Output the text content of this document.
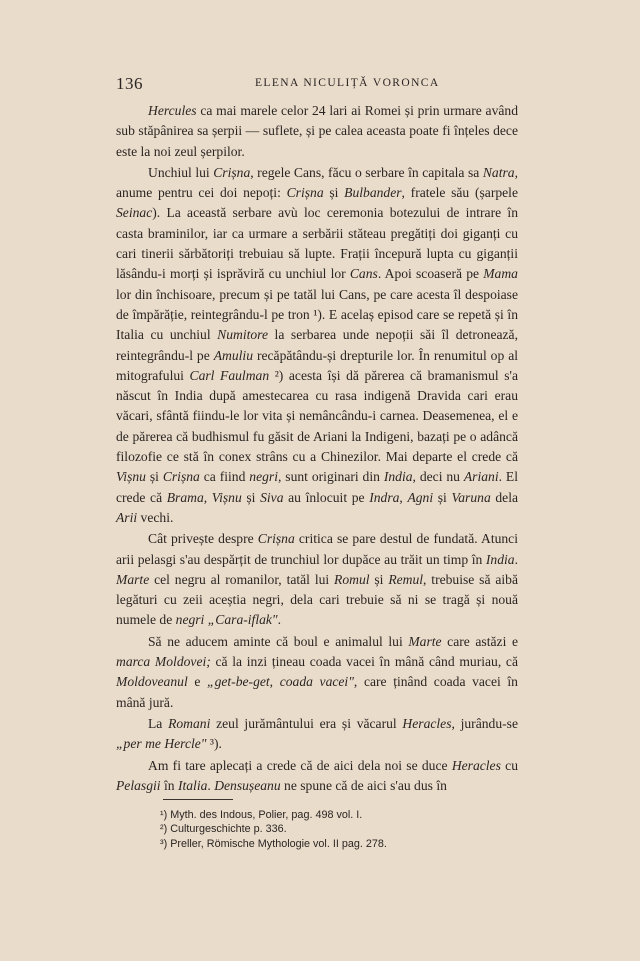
136	ELENA NICULIȚĂ VORONCA

Hercules ca mai marele celor 24 lari ai Romei și prin urmare având sub stăpânirea sa șerpii — suflete, și pe calea aceasta poate fi înțeles dece este la noi zeul șerpilor.

Unchiul lui Crișna, regele Cans, făcu o serbare în capitala sa Natra, anume pentru cei doi nepoți: Crișna și Bulbander, fratele său (șarpele Seinac). La această serbare avù loc ceremonia botezului de intrare în casta braminilor, iar ca urmare a serbării stăteau pregătiți doi giganți cu cari tinerii sărbătoriți trebuiau să lupte. Frații începură lupta cu giganții lăsându-i morți și isprăviră cu unchiul lor Cans. Apoi scoaseră pe Mama lor din închisoare, precum și pe tatăl lui Cans, pe care acesta îl despoiase de împărăție, reintegrându-l pe tron ¹). E acelaș episod care se repetă și în Italia cu unchiul Numitore la serbarea unde nepoții săi îl detronează, reintegrându-l pe Amuliu recăpătându-și drepturile lor. În renumitul op al mitografului Carl Faulman ²) acesta își dă părerea că bramanismul s'a născut în India după amestecarea cu rasa indigenă Dravida cari erau văcari, sfântă fiindu-le lor vita și nemâncându-i carnea. Deasemenea, el e de părerea că budhismul fu găsit de Ariani la Indigeni, bazați pe o adâncă filozofie ce stă în conex strâns cu a Chinezilor. Mai departe el crede că Vișnu și Crișna ca fiind negri, sunt originari din India, deci nu Ariani. El crede că Brama, Vișnu și Siva au înlocuit pe Indra, Agni și Varuna dela Arii vechi.

Cât privește despre Crișna critica se pare destul de fundată. Atunci arii pelasgi s'au despărțit de trunchiul lor dupăce au trăit un timp în India. Marte cel negru al romanilor, tatăl lui Romul și Remul, trebuise să aibă legături cu zeii aceștia negri, dela cari trebuie să ni se tragă și nouă numele de negri „Cara-iflak".

Să ne aducem aminte că boul e animalul lui Marte care astăzi e marca Moldovei; că la inzi țineau coada vacei în mână când muriau, că Moldoveanul e „get-be-get, coada vacei", care ținând coada vacei în mână jură.

La Romani zeul jurământului era și văcarul Heracles, jurându-se „per me Hercle" ³).

Am fi tare aplecați a crede că de aici dela noi se duce Heracles cu Pelasgii în Italia. Densușeanu ne spune că de aici s'au dus în

¹) Myth. des Indous, Polier, pag. 498 vol. I.
²) Culturgeschichte p. 336.
³) Preller, Römische Mythologie vol. II pag. 278.
